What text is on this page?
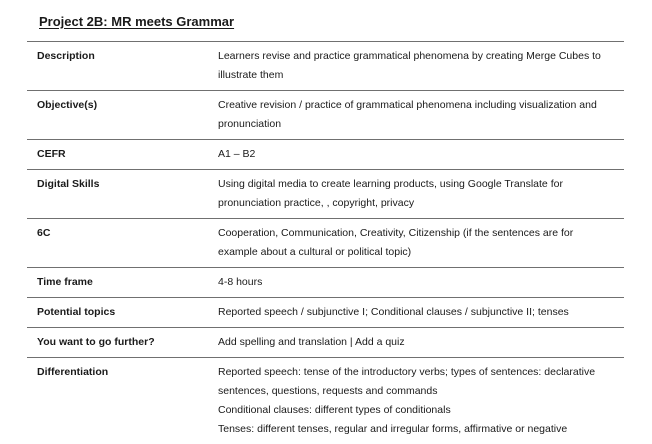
Project 2B: MR meets Grammar
Description	Learners revise and practice grammatical phenomena by creating Merge Cubes to
illustrate them

Objective(s)	Creative revision / practice of grammatical phenomena including visualization and
pronunciation

CEFR	A1 – B2

Digital Skills	Using digital media to create learning products, using Google Translate for
pronunciation practice, , copyright, privacy

6C	Cooperation, Communication, Creativity, Citizenship (if the sentences are for
example about a cultural or political topic)

Time frame	4-8 hours

Potential topics	Reported speech / subjunctive I; Conditional clauses / subjunctive II; tenses

You want to go further?	Add spelling and translation | Add a quiz

Differentiation	Reported speech: tense of the introductory verbs; types of sentences: declarative
sentences, questions, requests and commands
Conditional clauses: different types of conditionals
Tenses: different tenses, regular and irregular forms, affirmative or negative
